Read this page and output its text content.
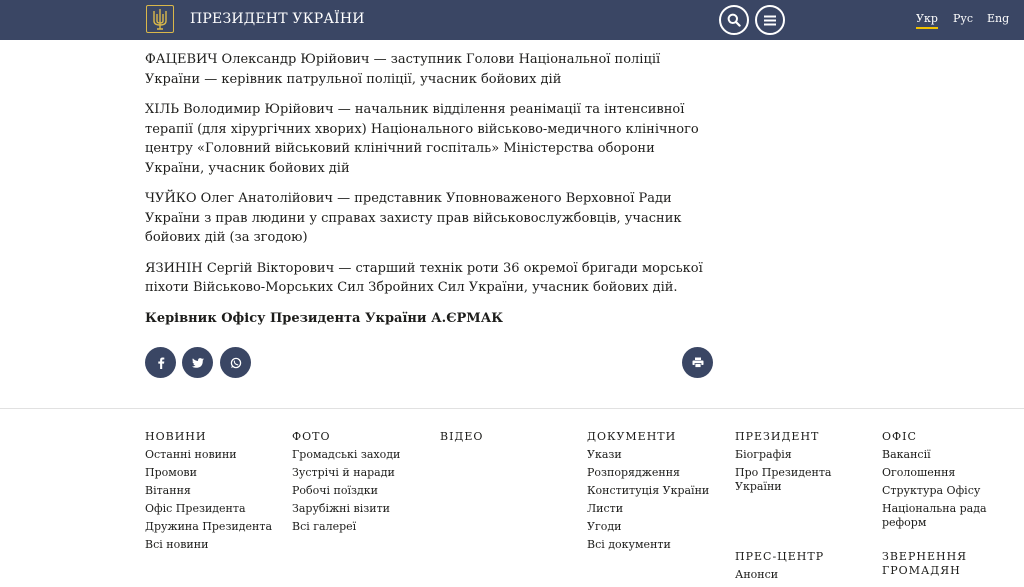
ПРЕЗИДЕНТ УКРАЇНИ	Укр Рус Eng

ФАЦЕВИЧ Олександр Юрійович — заступник Голови Національної поліції України — керівник патрульної поліції, учасник бойових дій

ХІЛЬ Володимир Юрійович — начальник відділення реанімації та інтенсивної терапії (для хірургічних хворих) Національного військово-медичного клінічного центру «Головний військовий клінічний госпіталь» Міністерства оборони України, учасник бойових дій

ЧУЙКО Олег Анатолійович — представник Уповноваженого Верховної Ради України з прав людини у справах захисту прав військовослужбовців, учасник бойових дій (за згодою)

ЯЗИНІН Сергій Вікторович — старший технік роти 36 окремої бригади морської піхоти Військово-Морських Сил Збройних Сил України, учасник бойових дій.

Керівник Офісу Президента України А.ЄРМАК

НОВИНИ
Останні новини
Промови
Вітання
Офіс Президента
Дружина Президента
Всі новини
ФОТО
Громадські заходи
Зустрічі й наради
Робочі поїздки
Зарубіжні візити
Всі галереї
ВІДЕО	ДОКУМЕНТИ
Укази
Розпорядження
Конституція України
Листи
Угоди
Всі документи
ПРЕЗИДЕНТ
Біографія
Про Президента України
ПРЕС-ЦЕНТР
Анонси
ОФІС
Вакансії
Оголошення
Структура Офісу
Національна рада реформ
ЗВЕРНЕННЯ ГРОМАДЯН
